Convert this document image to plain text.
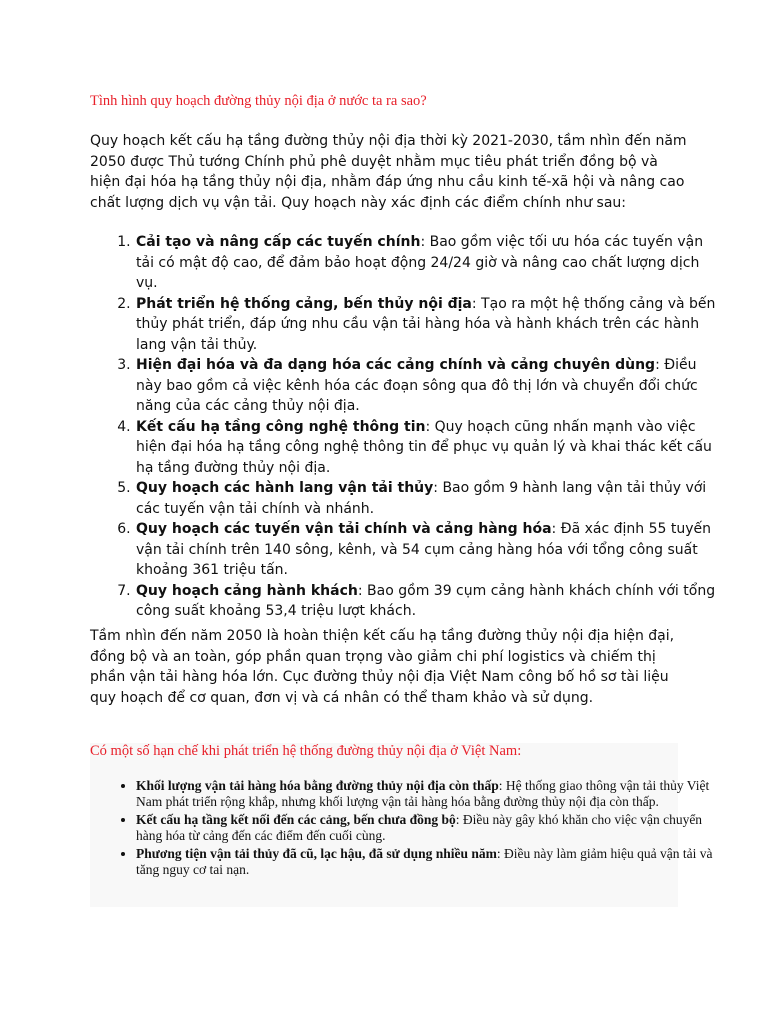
Tình hình quy hoạch đường thủy nội địa ở nước ta ra sao?

Quy hoạch kết cấu hạ tầng đường thủy nội địa thời kỳ 2021-2030, tầm nhìn đến năm 2050 được Thủ tướng Chính phủ phê duyệt nhằm mục tiêu phát triển đồng bộ và hiện đại hóa hạ tầng thủy nội địa, nhằm đáp ứng nhu cầu kinh tế-xã hội và nâng cao chất lượng dịch vụ vận tải. Quy hoạch này xác định các điểm chính như sau:

1. Cải tạo và nâng cấp các tuyến chính: Bao gồm việc tối ưu hóa các tuyến vận tải có mật độ cao, để đảm bảo hoạt động 24/24 giờ và nâng cao chất lượng dịch vụ.
2. Phát triển hệ thống cảng, bến thủy nội địa: Tạo ra một hệ thống cảng và bến thủy phát triển, đáp ứng nhu cầu vận tải hàng hóa và hành khách trên các hành lang vận tải thủy.
3. Hiện đại hóa và đa dạng hóa các cảng chính và cảng chuyên dùng: Điều này bao gồm cả việc kênh hóa các đoạn sông qua đô thị lớn và chuyển đổi chức năng của các cảng thủy nội địa.
4. Kết cấu hạ tầng công nghệ thông tin: Quy hoạch cũng nhấn mạnh vào việc hiện đại hóa hạ tầng công nghệ thông tin để phục vụ quản lý và khai thác kết cấu hạ tầng đường thủy nội địa.
5. Quy hoạch các hành lang vận tải thủy: Bao gồm 9 hành lang vận tải thủy với các tuyến vận tải chính và nhánh.
6. Quy hoạch các tuyến vận tải chính và cảng hàng hóa: Đã xác định 55 tuyến vận tải chính trên 140 sông, kênh, và 54 cụm cảng hàng hóa với tổng công suất khoảng 361 triệu tấn.
7. Quy hoạch cảng hành khách: Bao gồm 39 cụm cảng hành khách chính với tổng công suất khoảng 53,4 triệu lượt khách.

Tầm nhìn đến năm 2050 là hoàn thiện kết cấu hạ tầng đường thủy nội địa hiện đại, đồng bộ và an toàn, góp phần quan trọng vào giảm chi phí logistics và chiếm thị phần vận tải hàng hóa lớn. Cục đường thủy nội địa Việt Nam công bố hồ sơ tài liệu quy hoạch để cơ quan, đơn vị và cá nhân có thể tham khảo và sử dụng.

Có một số hạn chế khi phát triển hệ thống đường thủy nội địa ở Việt Nam:
• Khối lượng vận tải hàng hóa bằng đường thủy nội địa còn thấp: Hệ thống giao thông vận tải thủy Việt Nam phát triển rộng khắp, nhưng khối lượng vận tải hàng hóa bằng đường thủy nội địa còn thấp.
• Kết cấu hạ tầng kết nối đến các cảng, bến chưa đồng bộ: Điều này gây khó khăn cho việc vận chuyển hàng hóa từ cảng đến các điểm đến cuối cùng.
• Phương tiện vận tải thủy đã cũ, lạc hậu, đã sử dụng nhiều năm: Điều này làm giảm hiệu quả vận tải và tăng nguy cơ tai nạn.
